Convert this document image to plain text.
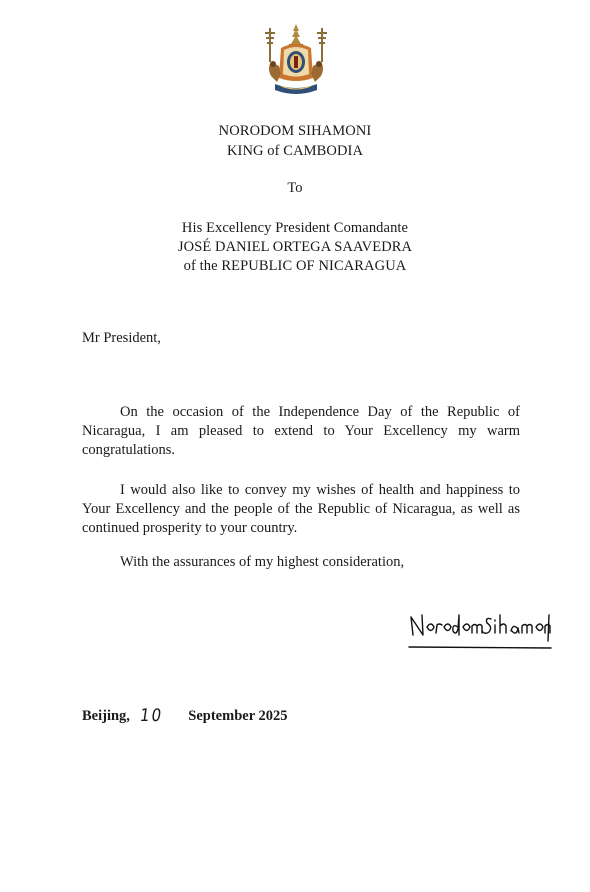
NORODOM SIHAMONI
KING of CAMBODIA
To
His Excellency President Comandante
JOSÉ DANIEL ORTEGA SAAVEDRA
of the REPUBLIC OF NICARAGUA
Mr President,

On the occasion of the Independence Day of the Republic of Nicaragua, I am pleased to extend to Your Excellency my warm congratulations.

I would also like to convey my wishes of health and happiness to Your Excellency and the people of the Republic of Nicaragua, as well as continued prosperity to your country.

With the assurances of my highest consideration,
Beijing, 10 September 2025
